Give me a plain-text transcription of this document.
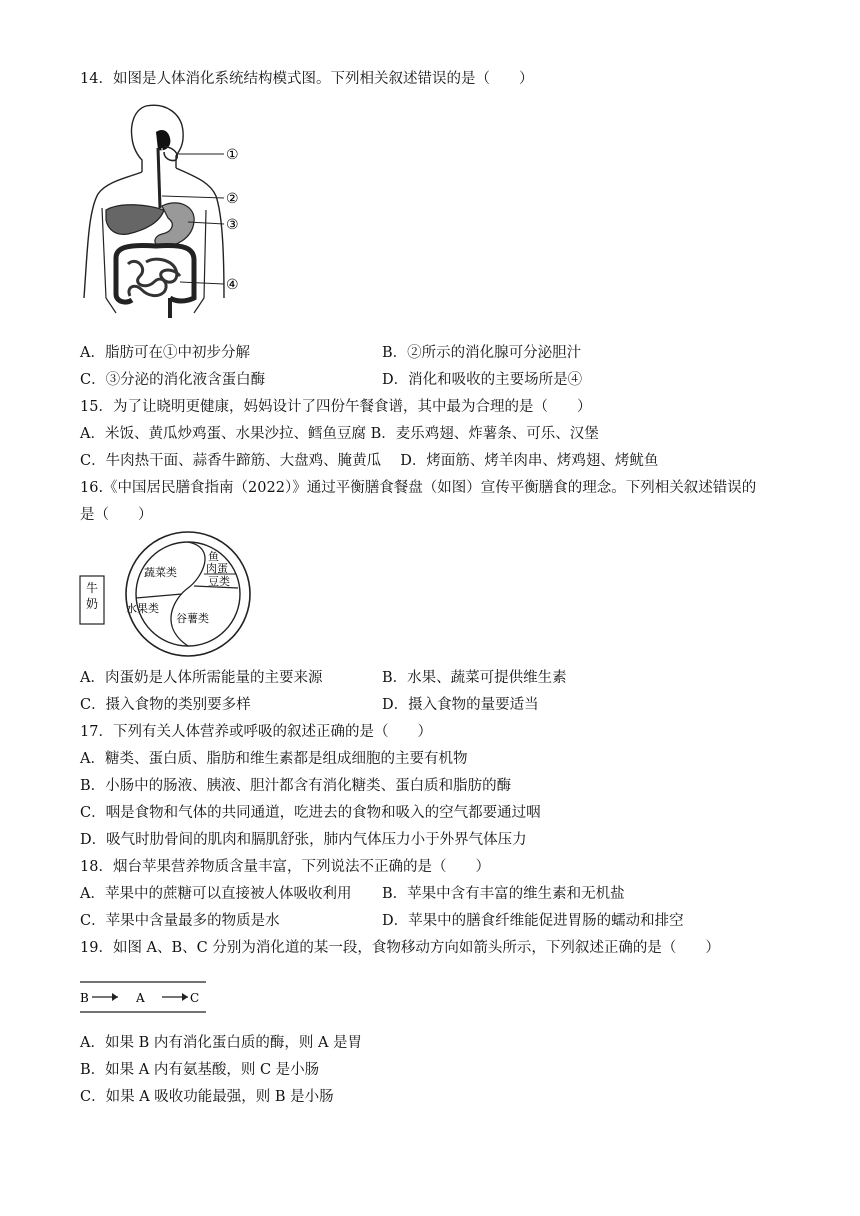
14．如图是人体消化系统结构模式图。下列相关叙述错误的是（　　）
①
②
③
④
A．脂肪可在①中初步分解	B．②所示的消化腺可分泌胆汁
C．③分泌的消化液含蛋白酶	D．消化和吸收的主要场所是④
15．为了让晓明更健康，妈妈设计了四份午餐食谱，其中最为合理的是（　　）
A．米饭、黄瓜炒鸡蛋、水果沙拉、鳕鱼豆腐 B．麦乐鸡翅、炸薯条、可乐、汉堡
C．牛肉热干面、蒜香牛蹄筋、大盘鸡、腌黄瓜　 D．烤面筋、烤羊肉串、烤鸡翅、烤鱿鱼
16.《中国居民膳食指南（2022）》通过平衡膳食餐盘（如图）宣传平衡膳食的理念。下列相关叙述错误的
是（　　）
牛
奶
蔬菜类
鱼
肉蛋
豆类
水果类
谷薯类
A．肉蛋奶是人体所需能量的主要来源	B．水果、蔬菜可提供维生素
C．摄入食物的类别要多样	D．摄入食物的量要适当
17．下列有关人体营养或呼吸的叙述正确的是（　　）
A．糖类、蛋白质、脂肪和维生素都是组成细胞的主要有机物
B．小肠中的肠液、胰液、胆汁都含有消化糖类、蛋白质和脂肪的酶
C．咽是食物和气体的共同通道，吃进去的食物和吸入的空气都要通过咽
D．吸气时肋骨间的肌肉和膈肌舒张，肺内气体压力小于外界气体压力
18．烟台苹果营养物质含量丰富，下列说法不正确的是（　　）
A．苹果中的蔗糖可以直接被人体吸收利用 B．苹果中含有丰富的维生素和无机盐
C．苹果中含量最多的物质是水	D．苹果中的膳食纤维能促进胃肠的蠕动和排空
19．如图 A、B、C 分别为消化道的某一段，食物移动方向如箭头所示，下列叙述正确的是（　　）
B	A	C
A．如果 B 内有消化蛋白质的酶，则 A 是胃
B．如果 A 内有氨基酸，则 C 是小肠
C．如果 A 吸收功能最强，则 B 是小肠
